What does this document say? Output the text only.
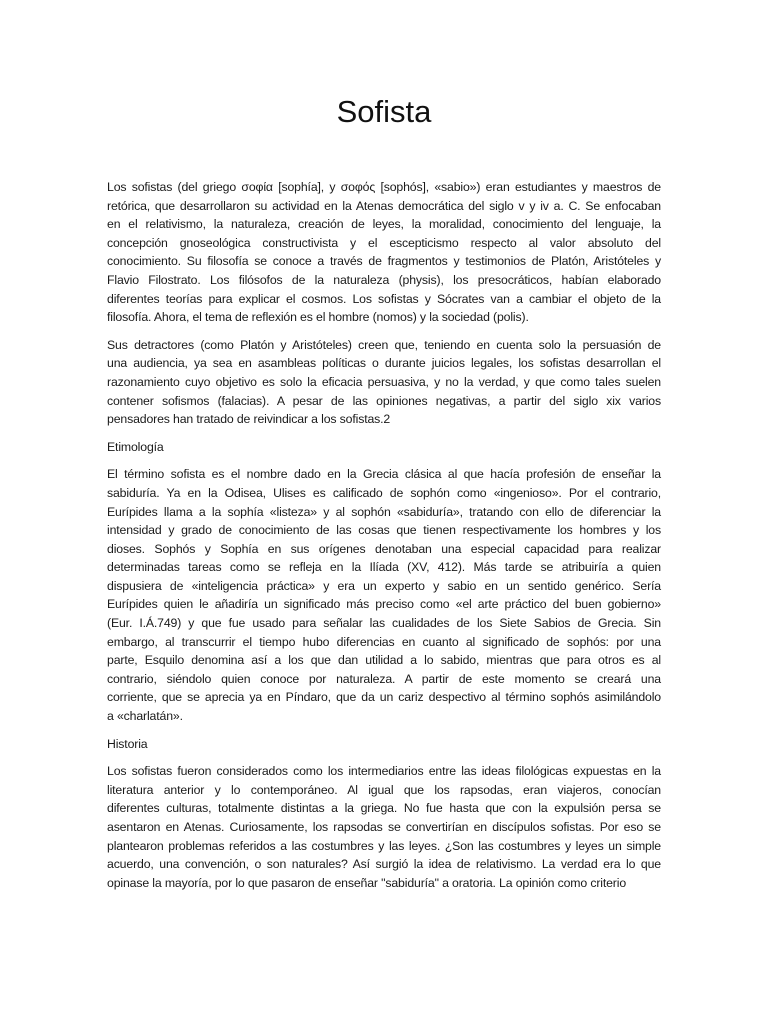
Sofista
Los sofistas (del griego σοφία [sophía], y σοφός [sophós], «sabio») eran estudiantes y maestros de
retórica, que desarrollaron su actividad en la Atenas democrática del siglo v y iv a. C. Se enfocaban
en el relativismo, la naturaleza, creación de leyes, la moralidad, conocimiento del lenguaje, la
concepción gnoseológica constructivista y el escepticismo respecto al valor absoluto del
conocimiento. Su filosofía se conoce a través de fragmentos y testimonios de Platón, Aristóteles y
Flavio Filostrato. Los filósofos de la naturaleza (physis), los presocráticos, habían elaborado
diferentes teorías para explicar el cosmos. Los sofistas y Sócrates van a cambiar el objeto de la
filosofía. Ahora, el tema de reflexión es el hombre (nomos) y la sociedad (polis).
Sus detractores (como Platón y Aristóteles) creen que, teniendo en cuenta solo la persuasión de
una audiencia, ya sea en asambleas políticas o durante juicios legales, los sofistas desarrollan el
razonamiento cuyo objetivo es solo la eficacia persuasiva, y no la verdad, y que como tales suelen
contener sofismos (falacias). A pesar de las opiniones negativas, a partir del siglo xix varios
pensadores han tratado de reivindicar a los sofistas.2
Etimología
El término sofista es el nombre dado en la Grecia clásica al que hacía profesión de enseñar la
sabiduría. Ya en la Odisea, Ulises es calificado de sophón como «ingenioso». Por el contrario,
Eurípides llama a la sophía «listeza» y al sophón «sabiduría», tratando con ello de diferenciar la
intensidad y grado de conocimiento de las cosas que tienen respectivamente los hombres y los
dioses. Sophós y Sophía en sus orígenes denotaban una especial capacidad para realizar
determinadas tareas como se refleja en la Ilíada (XV, 412). Más tarde se atribuiría a quien
dispusiera de «inteligencia práctica» y era un experto y sabio en un sentido genérico. Sería
Eurípides quien le añadiría un significado más preciso como «el arte práctico del buen gobierno»
(Eur. I.Á.749) y que fue usado para señalar las cualidades de los Siete Sabios de Grecia. Sin
embargo, al transcurrir el tiempo hubo diferencias en cuanto al significado de sophós: por una
parte, Esquilo denomina así a los que dan utilidad a lo sabido, mientras que para otros es al
contrario, siéndolo quien conoce por naturaleza. A partir de este momento se creará una
corriente, que se aprecia ya en Píndaro, que da un cariz despectivo al término sophós asimilándolo
a «charlatán».
Historia
Los sofistas fueron considerados como los intermediarios entre las ideas filológicas expuestas en la
literatura anterior y lo contemporáneo. Al igual que los rapsodas, eran viajeros, conocían
diferentes culturas, totalmente distintas a la griega. No fue hasta que con la expulsión persa se
asentaron en Atenas. Curiosamente, los rapsodas se convertirían en discípulos sofistas. Por eso se
plantearon problemas referidos a las costumbres y las leyes. ¿Son las costumbres y leyes un simple
acuerdo, una convención, o son naturales? Así surgió la idea de relativismo. La verdad era lo que
opinase la mayoría, por lo que pasaron de enseñar "sabiduría" a oratoria. La opinión como criterio
